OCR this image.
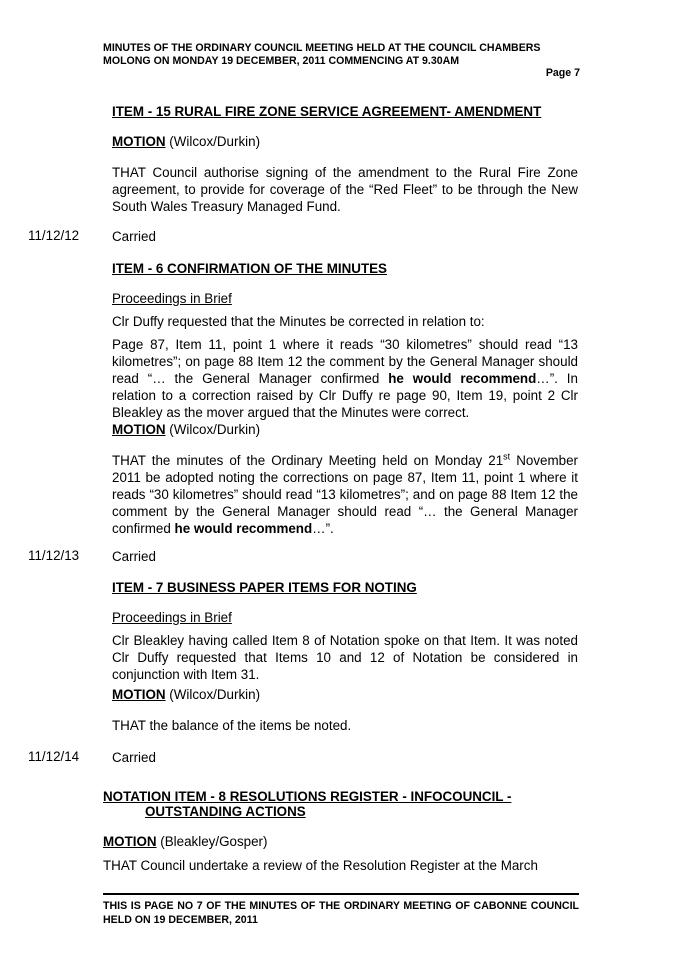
MINUTES OF THE ORDINARY COUNCIL MEETING HELD AT THE COUNCIL CHAMBERS
MOLONG ON MONDAY 19 DECEMBER, 2011 COMMENCING AT 9.30AM
Page 7
ITEM - 15 RURAL FIRE ZONE SERVICE AGREEMENT- AMENDMENT
MOTION (Wilcox/Durkin)
THAT Council authorise signing of the amendment to the Rural Fire Zone agreement, to provide for coverage of the “Red Fleet” to be through the New South Wales Treasury Managed Fund.
11/12/12 Carried
ITEM - 6 CONFIRMATION OF THE MINUTES
Proceedings in Brief
Clr Duffy requested that the Minutes be corrected in relation to:
Page 87, Item 11, point 1 where it reads “30 kilometres” should read “13 kilometres”; on page 88 Item 12 the comment by the General Manager should read “… the General Manager confirmed he would recommend…”. In relation to a correction raised by Clr Duffy re page 90, Item 19, point 2 Clr Bleakley as the mover argued that the Minutes were correct.
MOTION (Wilcox/Durkin)
THAT the minutes of the Ordinary Meeting held on Monday 21st November 2011 be adopted noting the corrections on page 87, Item 11, point 1 where it reads “30 kilometres” should read “13 kilometres”; and on page 88 Item 12 the comment by the General Manager should read “… the General Manager confirmed he would recommend…”.
11/12/13 Carried
ITEM - 7 BUSINESS PAPER ITEMS FOR NOTING
Proceedings in Brief
Clr Bleakley having called Item 8 of Notation spoke on that Item. It was noted Clr Duffy requested that Items 10 and 12 of Notation be considered in conjunction with Item 31.
MOTION (Wilcox/Durkin)
THAT the balance of the items be noted.
11/12/14 Carried
NOTATION ITEM - 8 RESOLUTIONS REGISTER - INFOCOUNCIL -
OUTSTANDING ACTIONS
MOTION (Bleakley/Gosper)
THAT Council undertake a review of the Resolution Register at the March
THIS IS PAGE NO 7 OF THE MINUTES OF THE ORDINARY MEETING OF CABONNE COUNCIL HELD ON 19 DECEMBER, 2011
